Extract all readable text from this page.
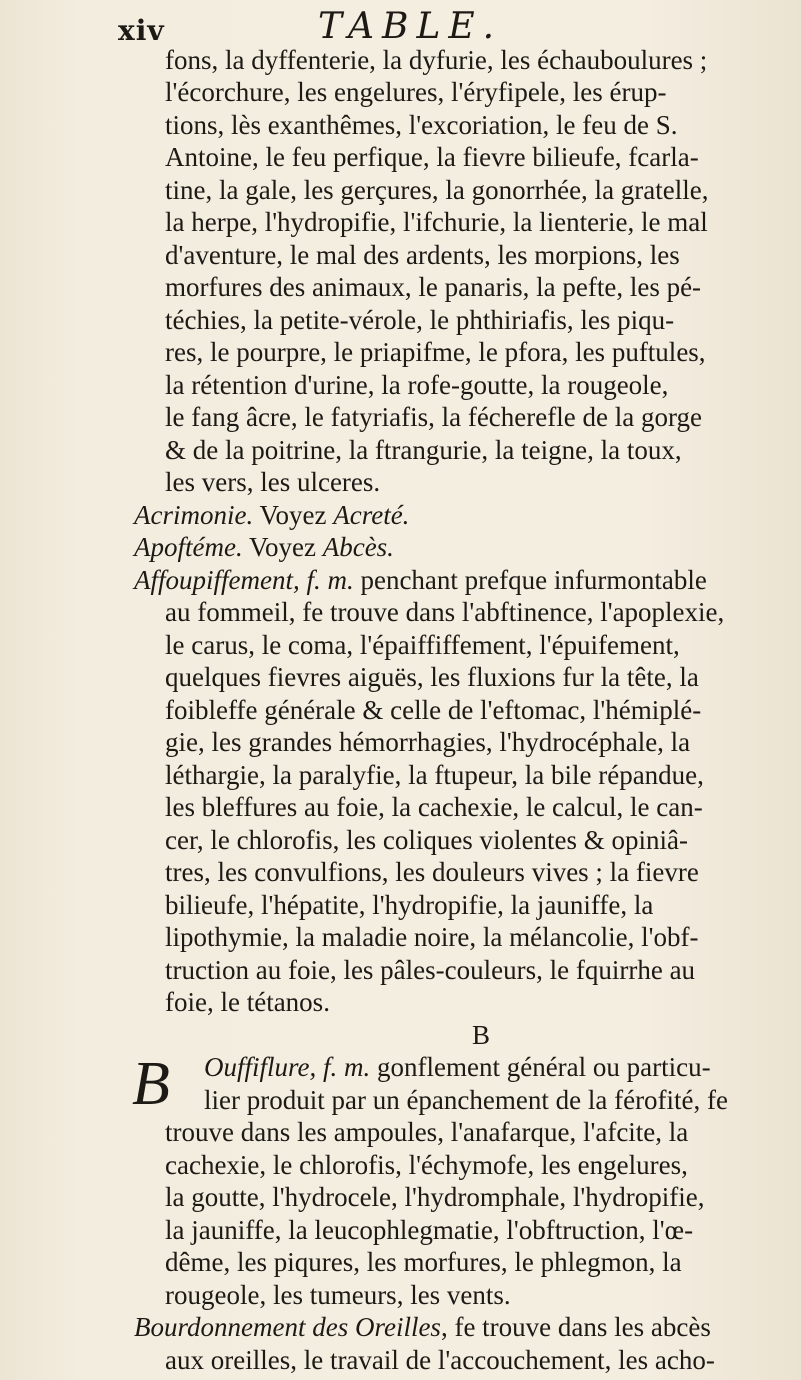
xiv	TABLE.
fons, la dyffenterie, la dyfurie, les échauboulures ;
l'écorchure, les engelures, l'éryfipele, les érup-
tions, lès exanthêmes, l'excoriation, le feu de S.
Antoine, le feu perfique, la fievre bilieufe, fcarla-
tine, la gale, les gerçures, la gonorrhée, la gratelle,
la herpe, l'hydropifie, l'ifchurie, la lienterie, le mal
d'aventure, le mal des ardents, les morpions, les
morfures des animaux, le panaris, la pefte, les pé-
téchies, la petite-vérole, le phthiriafis, les piqu-
res, le pourpre, le priapifme, le pfora, les puftules,
la rétention d'urine, la rofe-goutte, la rougeole,
le fang âcre, le fatyriafis, la fécherefle de la gorge
& de la poitrine, la ftrangurie, la teigne, la toux,
les vers, les ulceres.
Acrimonie. Voyez Acreté.
Apoftéme. Voyez Abcès.
Affoupiffement, f. m. penchant prefque infurmontable
au fommeil, fe trouve dans l'abftinence, l'apoplexie,
le carus, le coma, l'épaiffiffement, l'épuifement,
quelques fievres aiguës, les fluxions fur la tête, la
foibleffe générale & celle de l'eftomac, l'hémiplé-
gie, les grandes hémorrhagies, l'hydrocéphale, la
léthargie, la paralyfie, la ftupeur, la bile répandue,
les bleffures au foie, la cachexie, le calcul, le can-
cer, le chlorofis, les coliques violentes & opiniâ-
tres, les convulfions, les douleurs vives ; la fievre
bilieufe, l'hépatite, l'hydropifie, la jauniffe, la
lipothymie, la maladie noire, la mélancolie, l'obf-
truction au foie, les pâles-couleurs, le fquirrhe au
foie, le tétanos.
B
Ouffiflure, f. m. gonflement général ou particu-
B lier produit par un épanchement de la férofité, fe
trouve dans les ampoules, l'anafarque, l'afcite, la
cachexie, le chlorofis, l'échymofe, les engelures,
la goutte, l'hydrocele, l'hydromphale, l'hydropifie,
la jauniffe, la leucophlegmatie, l'obftruction, l'œ-
dême, les piqures, les morfures, le phlegmon, la
rougeole, les tumeurs, les vents.
Bourdonnement des Oreilles, fe trouve dans les abcès
aux oreilles, le travail de l'accouchement, les acho-
